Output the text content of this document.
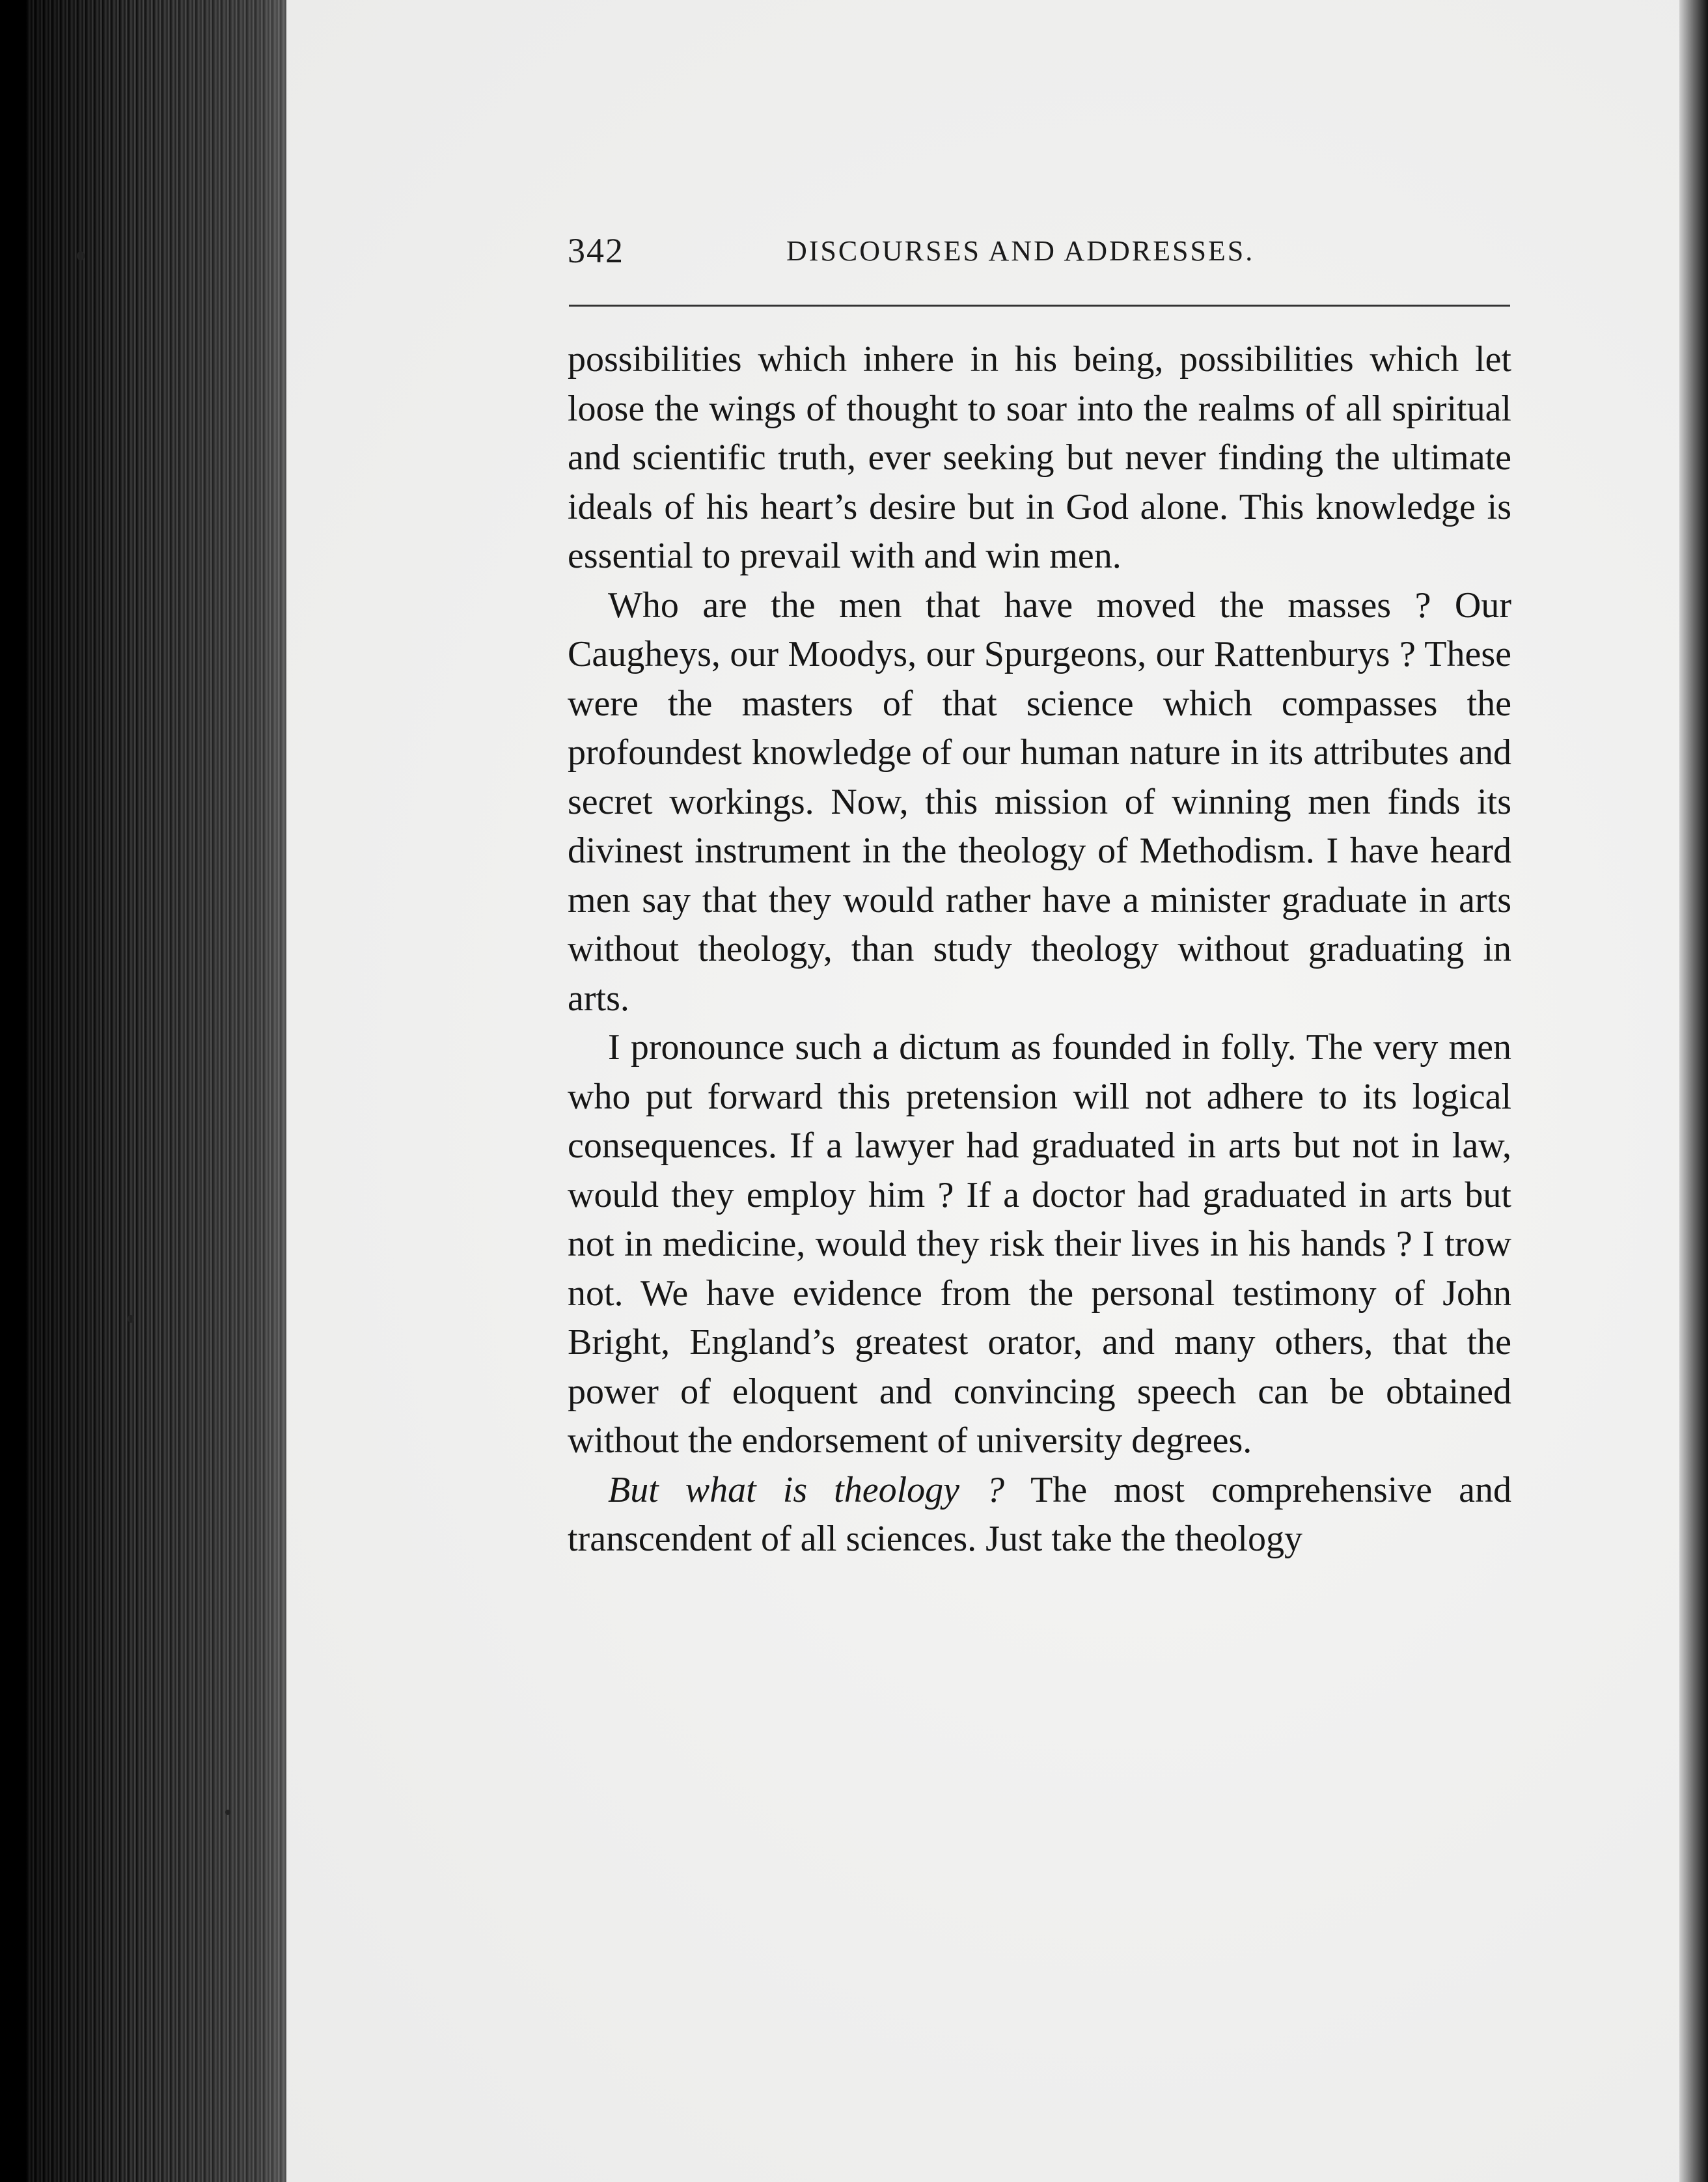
342	DISCOURSES AND ADDRESSES.

possibilities which inhere in his being, possibilities which let loose the wings of thought to soar into the realms of all spiritual and scientific truth, ever seeking but never finding the ultimate ideals of his heart’s desire but in God alone. This knowledge is essential to prevail with and win men.

Who are the men that have moved the masses ? Our Caugheys, our Moodys, our Spurgeons, our Rattenburys ? These were the masters of that science which compasses the profoundest knowledge of our human nature in its attributes and secret workings. Now, this mission of winning men finds its divinest instrument in the theology of Methodism. I have heard men say that they would rather have a minister graduate in arts without theology, than study theology without graduating in arts.

I pronounce such a dictum as founded in folly. The very men who put forward this pretension will not adhere to its logical consequences. If a lawyer had graduated in arts but not in law, would they employ him ? If a doctor had graduated in arts but not in medicine, would they risk their lives in his hands ? I trow not. We have evidence from the personal testimony of John Bright, England’s greatest orator, and many others, that the power of eloquent and convincing speech can be obtained without the endorsement of university degrees.

But what is theology ? The most comprehensive and transcendent of all sciences. Just take the theology
